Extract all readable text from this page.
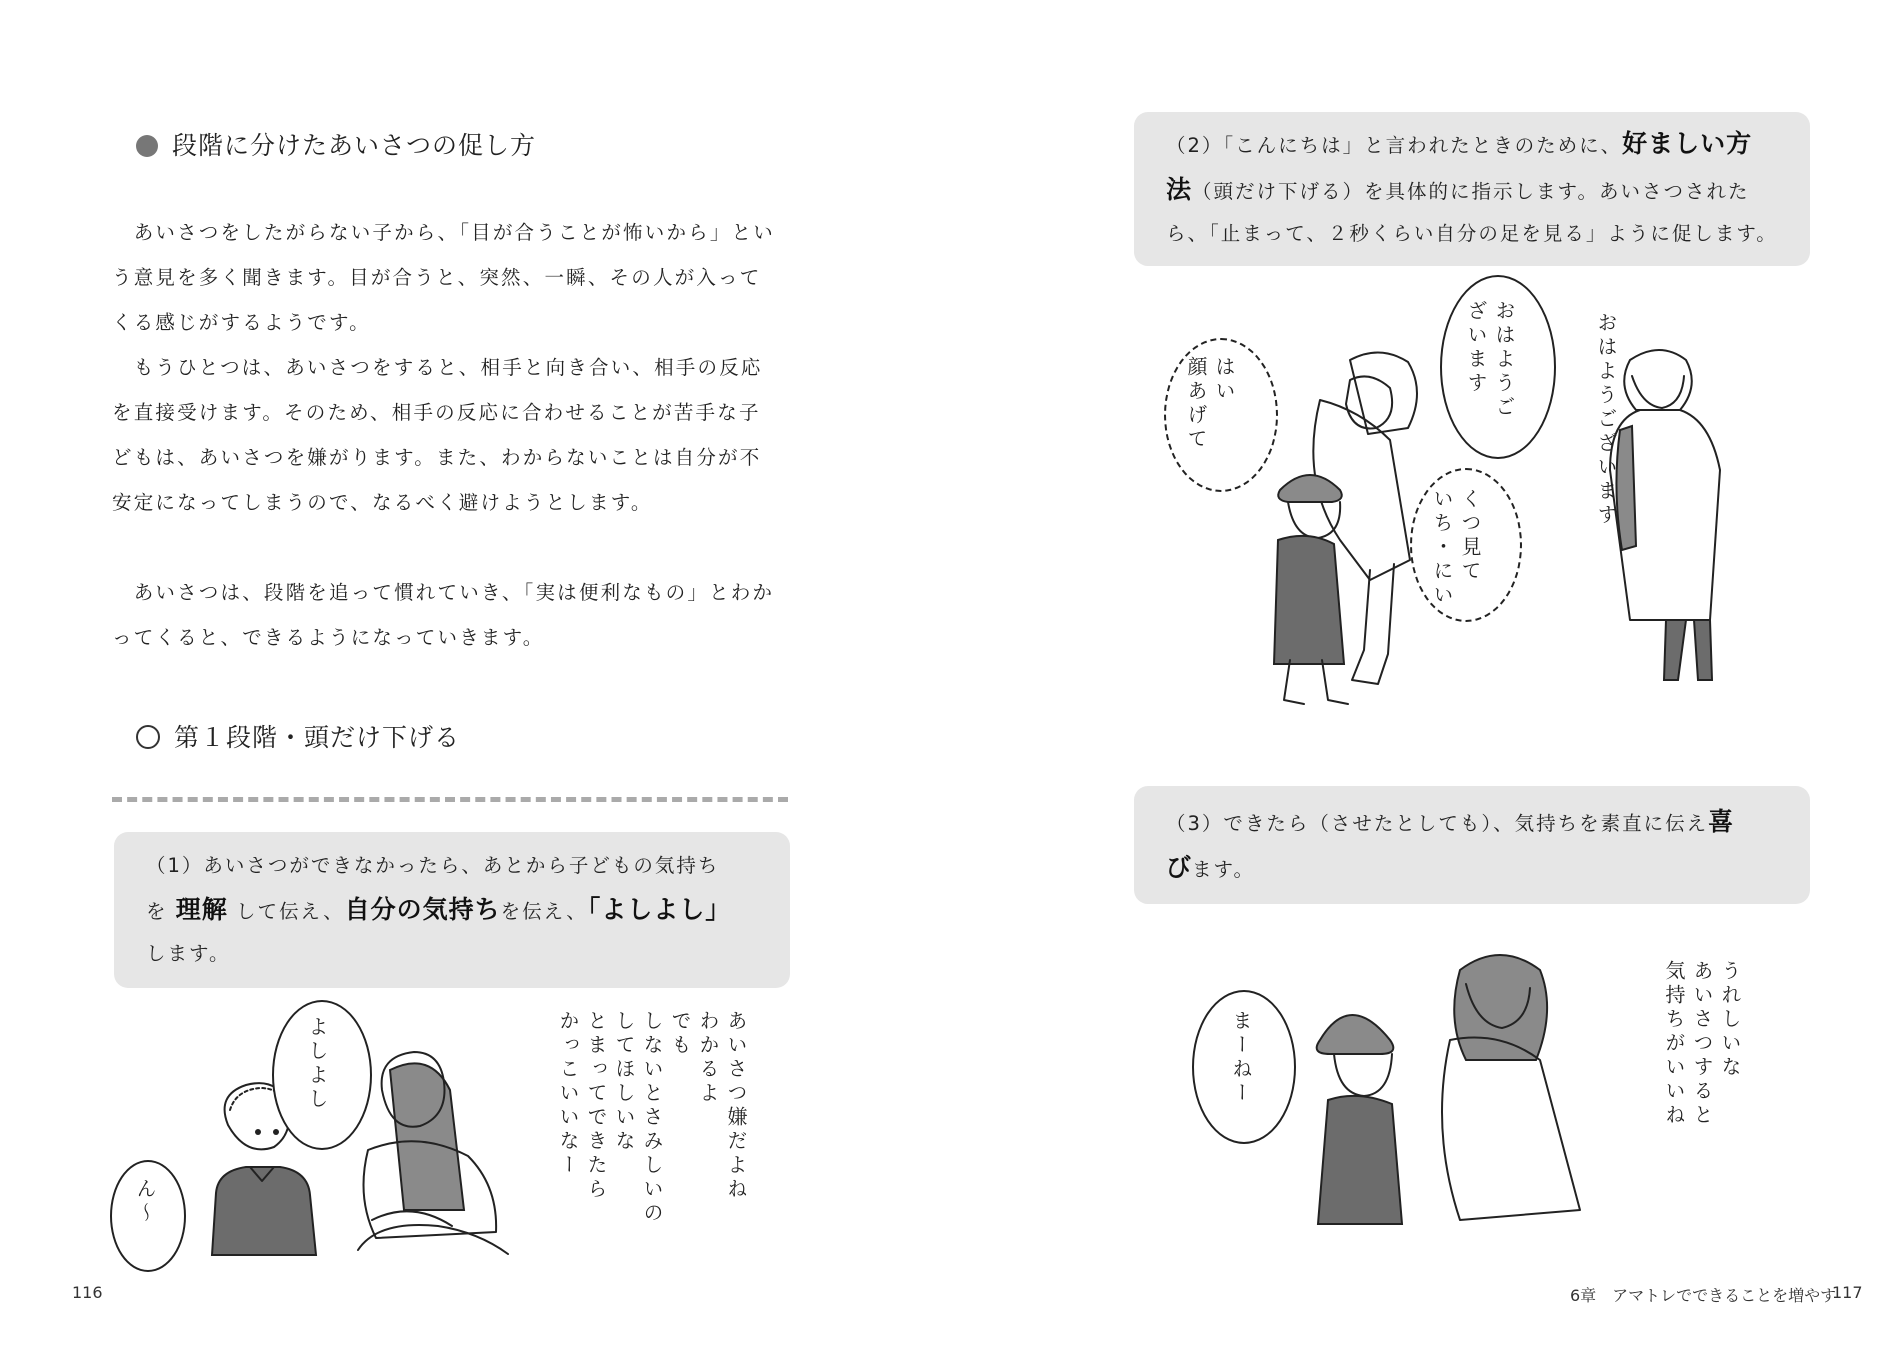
段階に分けたあいさつの促し方

　あいさつをしたがらない子から、「目が合うことが怖いから」とい

う意見を多く聞きます。目が合うと、突然、一瞬、その人が入って

くる感じがするようです。

　もうひとつは、あいさつをすると、相手と向き合い、相手の反応

を直接受けます。そのため、相手の反応に合わせることが苦手な子

どもは、あいさつを嫌がります。また、わからないことは自分が不

安定になってしまうので、なるべく避けようとします。

　あいさつは、段階を追って慣れていき、「実は便利なもの」とわか

ってくると、できるようになっていきます。

第１段階・頭だけ下げる
（1）あいさつができなかったら、あとから子どもの気持ち
を 理解 して伝え、自分の気持ちを伝え、「よしよし」
します。
よしよし
ん〜	あいさつ嫌だよね
わかるよ
でも
しないとさみしいの
してほしいな
とまってできたら
かっこいいなー
116
（2）「こんにちは」と言われたときのために、好ましい方
法（頭だけ下げる）を具体的に指示します。あいさつされた
ら、「止まって、２秒くらい自分の足を見る」ように促します。
はい
顔あげて	おはようご
ざいます
くつ見て
いち・にい
おはようございます
（3）できたら（させたとしても）、気持ちを素直に伝え喜
びます。
まーねー	うれしいな
あいさつすると
気持ちがいいね
6章　アマトレでできることを増やす
117
